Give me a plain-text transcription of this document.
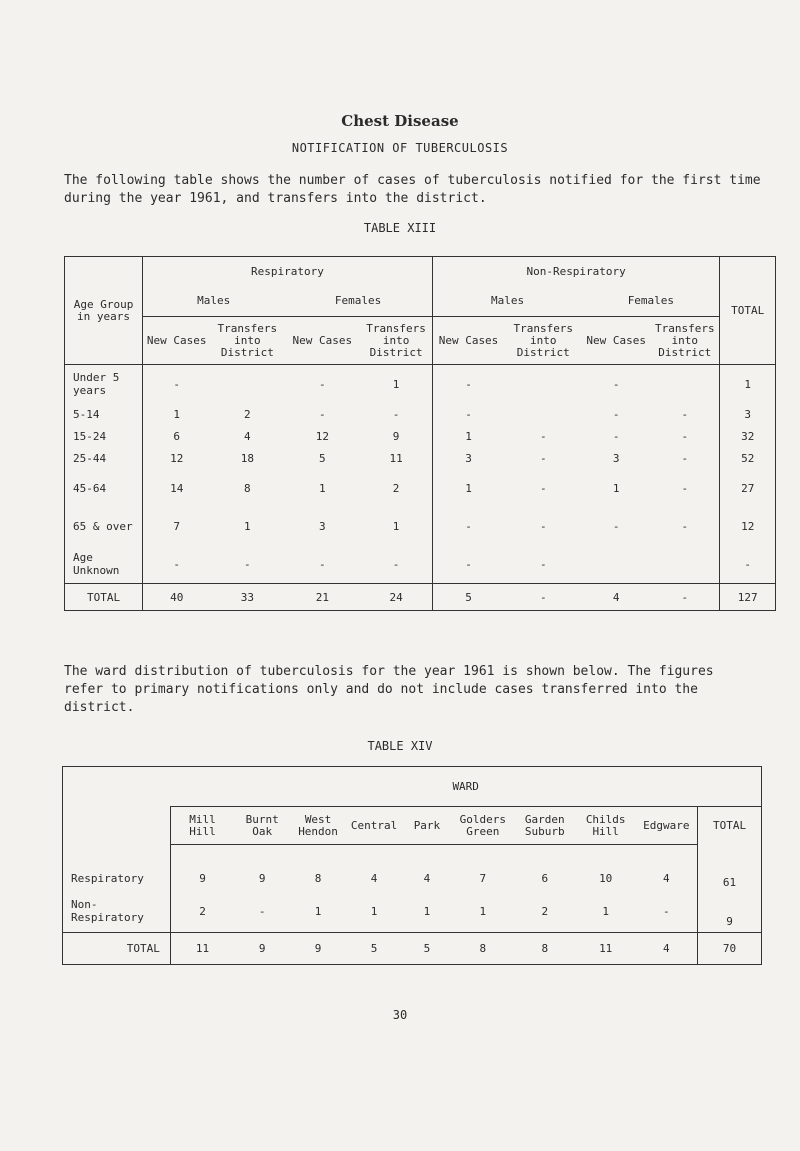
Chest Disease
NOTIFICATION OF TUBERCULOSIS

The following table shows the number of cases of tuberculosis notified for the first time during the year 1961, and transfers into the district.

TABLE XIII
Age Group in years	Respiratory				Non-Respiratory				TOTAL
	Males		Females		Males		Females		
	New Cases	Transfers into District	New Cases	Transfers into District	New Cases	Transfers into District	New Cases	Transfers into District	
Under 5 years	-		-	1	-		-		1
5-14	1	2	-	-	-		-	-	3
15-24	6	4	12	9	1	-	-	-	32
25-44	12	18	5	11	3	-	3	-	52
45-64	14	8	1	2	1	-	1	-	27
65 & over	7	1	3	1	-	-	-	-	12
Age Unknown	-	-	-	-	-	-			-
TOTAL	40	33	21	24	5	-	4	-	127

The ward distribution of tuberculosis for the year 1961 is shown below. The figures refer to primary notifications only and do not include cases transferred into the district.

TABLE XIV
	WARD									
	Mill Hill	Burnt Oak	West Hendon	Central	Park	Golders Green	Garden Suburb	Childs Hill	Edgware	TOTAL
Respiratory	9	9	8	4	4	7	6	10	4	61
Non- Respiratory	2	-	1	1	1	1	2	1	-	9
TOTAL	11	9	9	5	5	8	8	11	4	70
30
